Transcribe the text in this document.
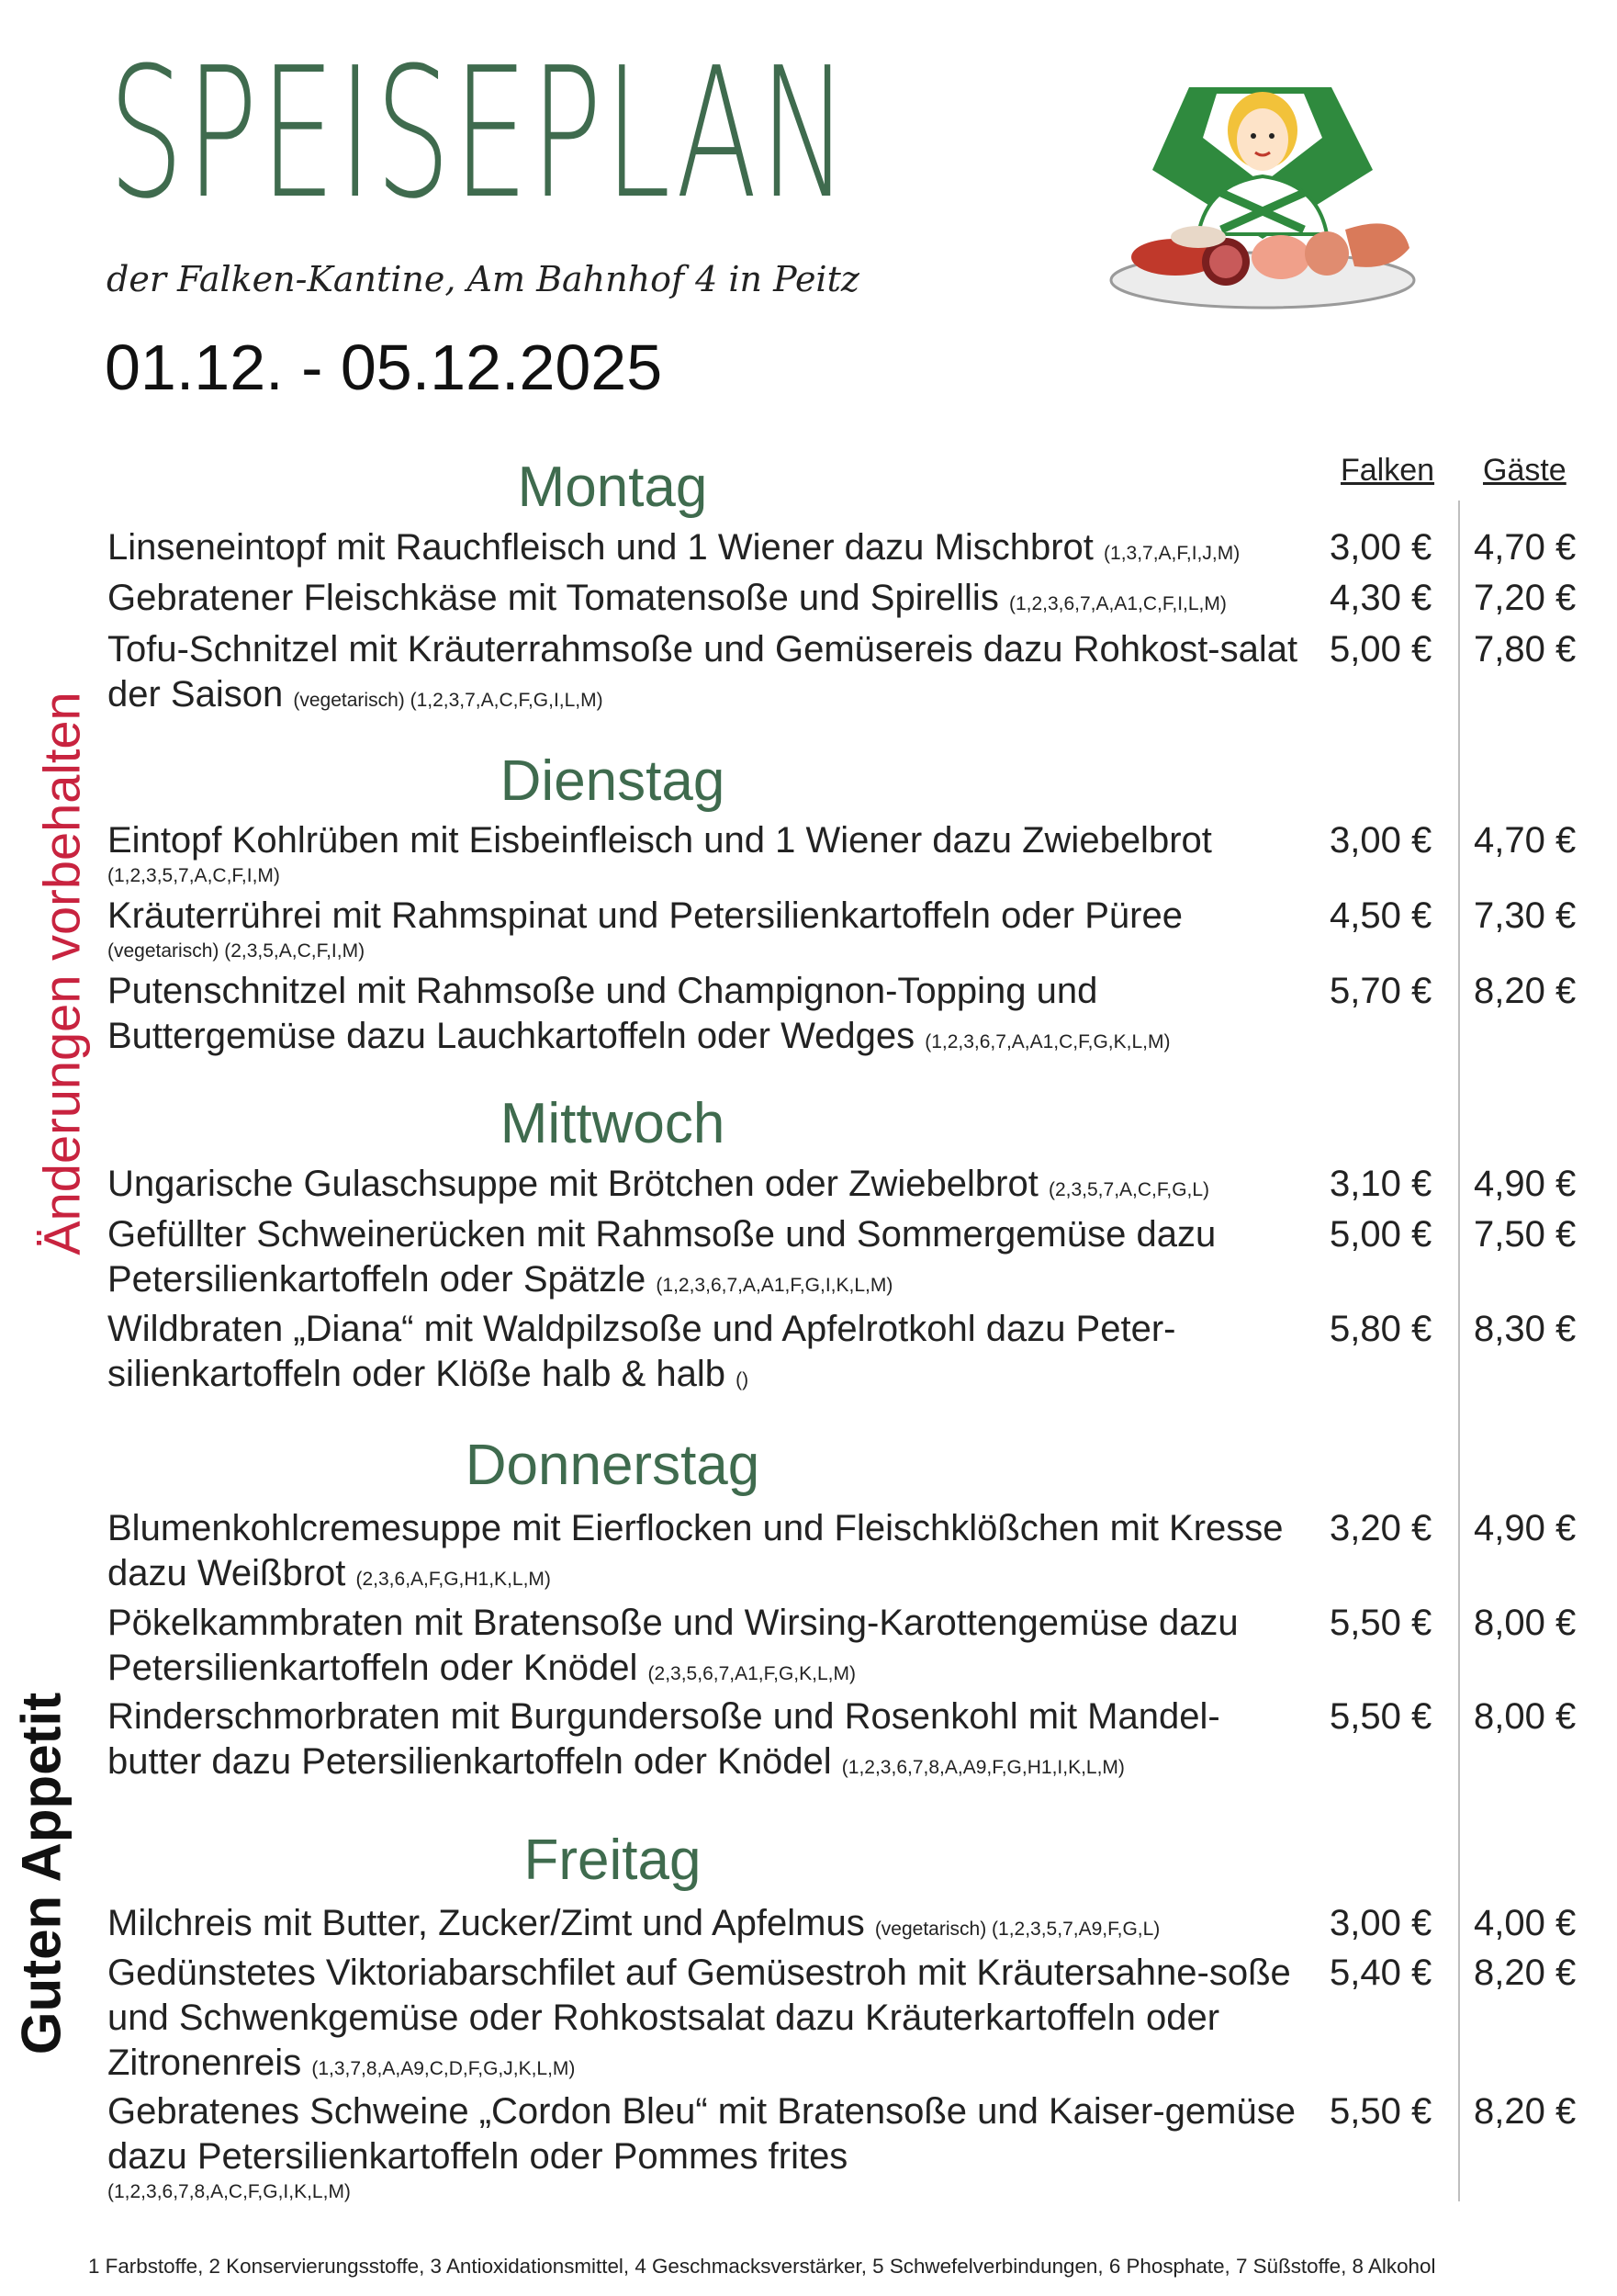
SPEISEPLAN
der Falken-Kantine, Am Bahnhof 4 in Peitz
01.12. - 05.12.2025
Falken Gäste
Änderungen vorbehalten
Guten Appetit
Montag
Linseneintopf mit Rauchfleisch und 1 Wiener dazu Mischbrot (1,3,7,A,F,I,J,M)	3,00 € 4,70 €
Gebratener Fleischkäse mit Tomatensoße und Spirellis (1,2,3,6,7,A,A1,C,F,I,L,M)	4,30 € 7,20 €
Tofu-Schnitzel mit Kräuterrahmsoße und Gemüsereis dazu Rohkost-salat der Saison (vegetarisch) (1,2,3,7,A,C,F,G,I,L,M)
5,00 € 7,80 €
Dienstag
Eintopf Kohlrüben mit Eisbeinfleisch und 1 Wiener dazu Zwiebelbrot
(1,2,3,5,7,A,C,F,I,M)
3,00 € 4,70 €
Kräuterrührei mit Rahmspinat und Petersilienkartoffeln oder Püree
(vegetarisch) (2,3,5,A,C,F,I,M)
4,50 € 7,30 €
Putenschnitzel mit Rahmsoße und Champignon-Topping und Buttergemüse dazu Lauchkartoffeln oder Wedges (1,2,3,6,7,A,A1,C,F,G,K,L,M)
5,70 € 8,20 €
Mittwoch
Ungarische Gulaschsuppe mit Brötchen oder Zwiebelbrot (2,3,5,7,A,C,F,G,L)	3,10 € 4,90 €
Gefüllter Schweinerücken mit Rahmsoße und Sommergemüse dazu Petersilienkartoffeln oder Spätzle (1,2,3,6,7,A,A1,F,G,I,K,L,M)
5,00 € 7,50 €
Wildbraten „Diana“ mit Waldpilzsoße und Apfelrotkohl dazu Peter-silienkartoffeln oder Klöße halb & halb ()
5,80 € 8,30 €
Donnerstag
Blumenkohlcremesuppe mit Eierflocken und Fleischklößchen mit Kresse dazu Weißbrot (2,3,6,A,F,G,H1,K,L,M)
3,20 € 4,90 €
Pökelkammbraten mit Bratensoße und Wirsing-Karottengemüse dazu Petersilienkartoffeln oder Knödel (2,3,5,6,7,A1,F,G,K,L,M)
5,50 € 8,00 €
Rinderschmorbraten mit Burgundersoße und Rosenkohl mit Mandel-butter dazu Petersilienkartoffeln oder Knödel (1,2,3,6,7,8,A,A9,F,G,H1,I,K,L,M)
5,50 € 8,00 €
Freitag
Milchreis mit Butter, Zucker/Zimt und Apfelmus (vegetarisch) (1,2,3,5,7,A9,F,G,L)	3,00 € 4,00 €
Gedünstetes Viktoriabarschfilet auf Gemüsestroh mit Kräutersahne-soße und Schwenkgemüse oder Rohkostsalat dazu Kräuterkartoffeln oder Zitronenreis (1,3,7,8,A,A9,C,D,F,G,J,K,L,M)
5,40 € 8,20 €
Gebratenes Schweine „Cordon Bleu“ mit Bratensoße und Kaiser-gemüse dazu Petersilienkartoffeln oder Pommes frites
(1,2,3,6,7,8,A,C,F,G,I,K,L,M)
5,50 € 8,20 €
1 Farbstoffe, 2 Konservierungsstoffe, 3 Antioxidationsmittel, 4 Geschmacksverstärker, 5 Schwefelverbindungen, 6 Phosphate, 7 Süßstoffe, 8 Alkohol
